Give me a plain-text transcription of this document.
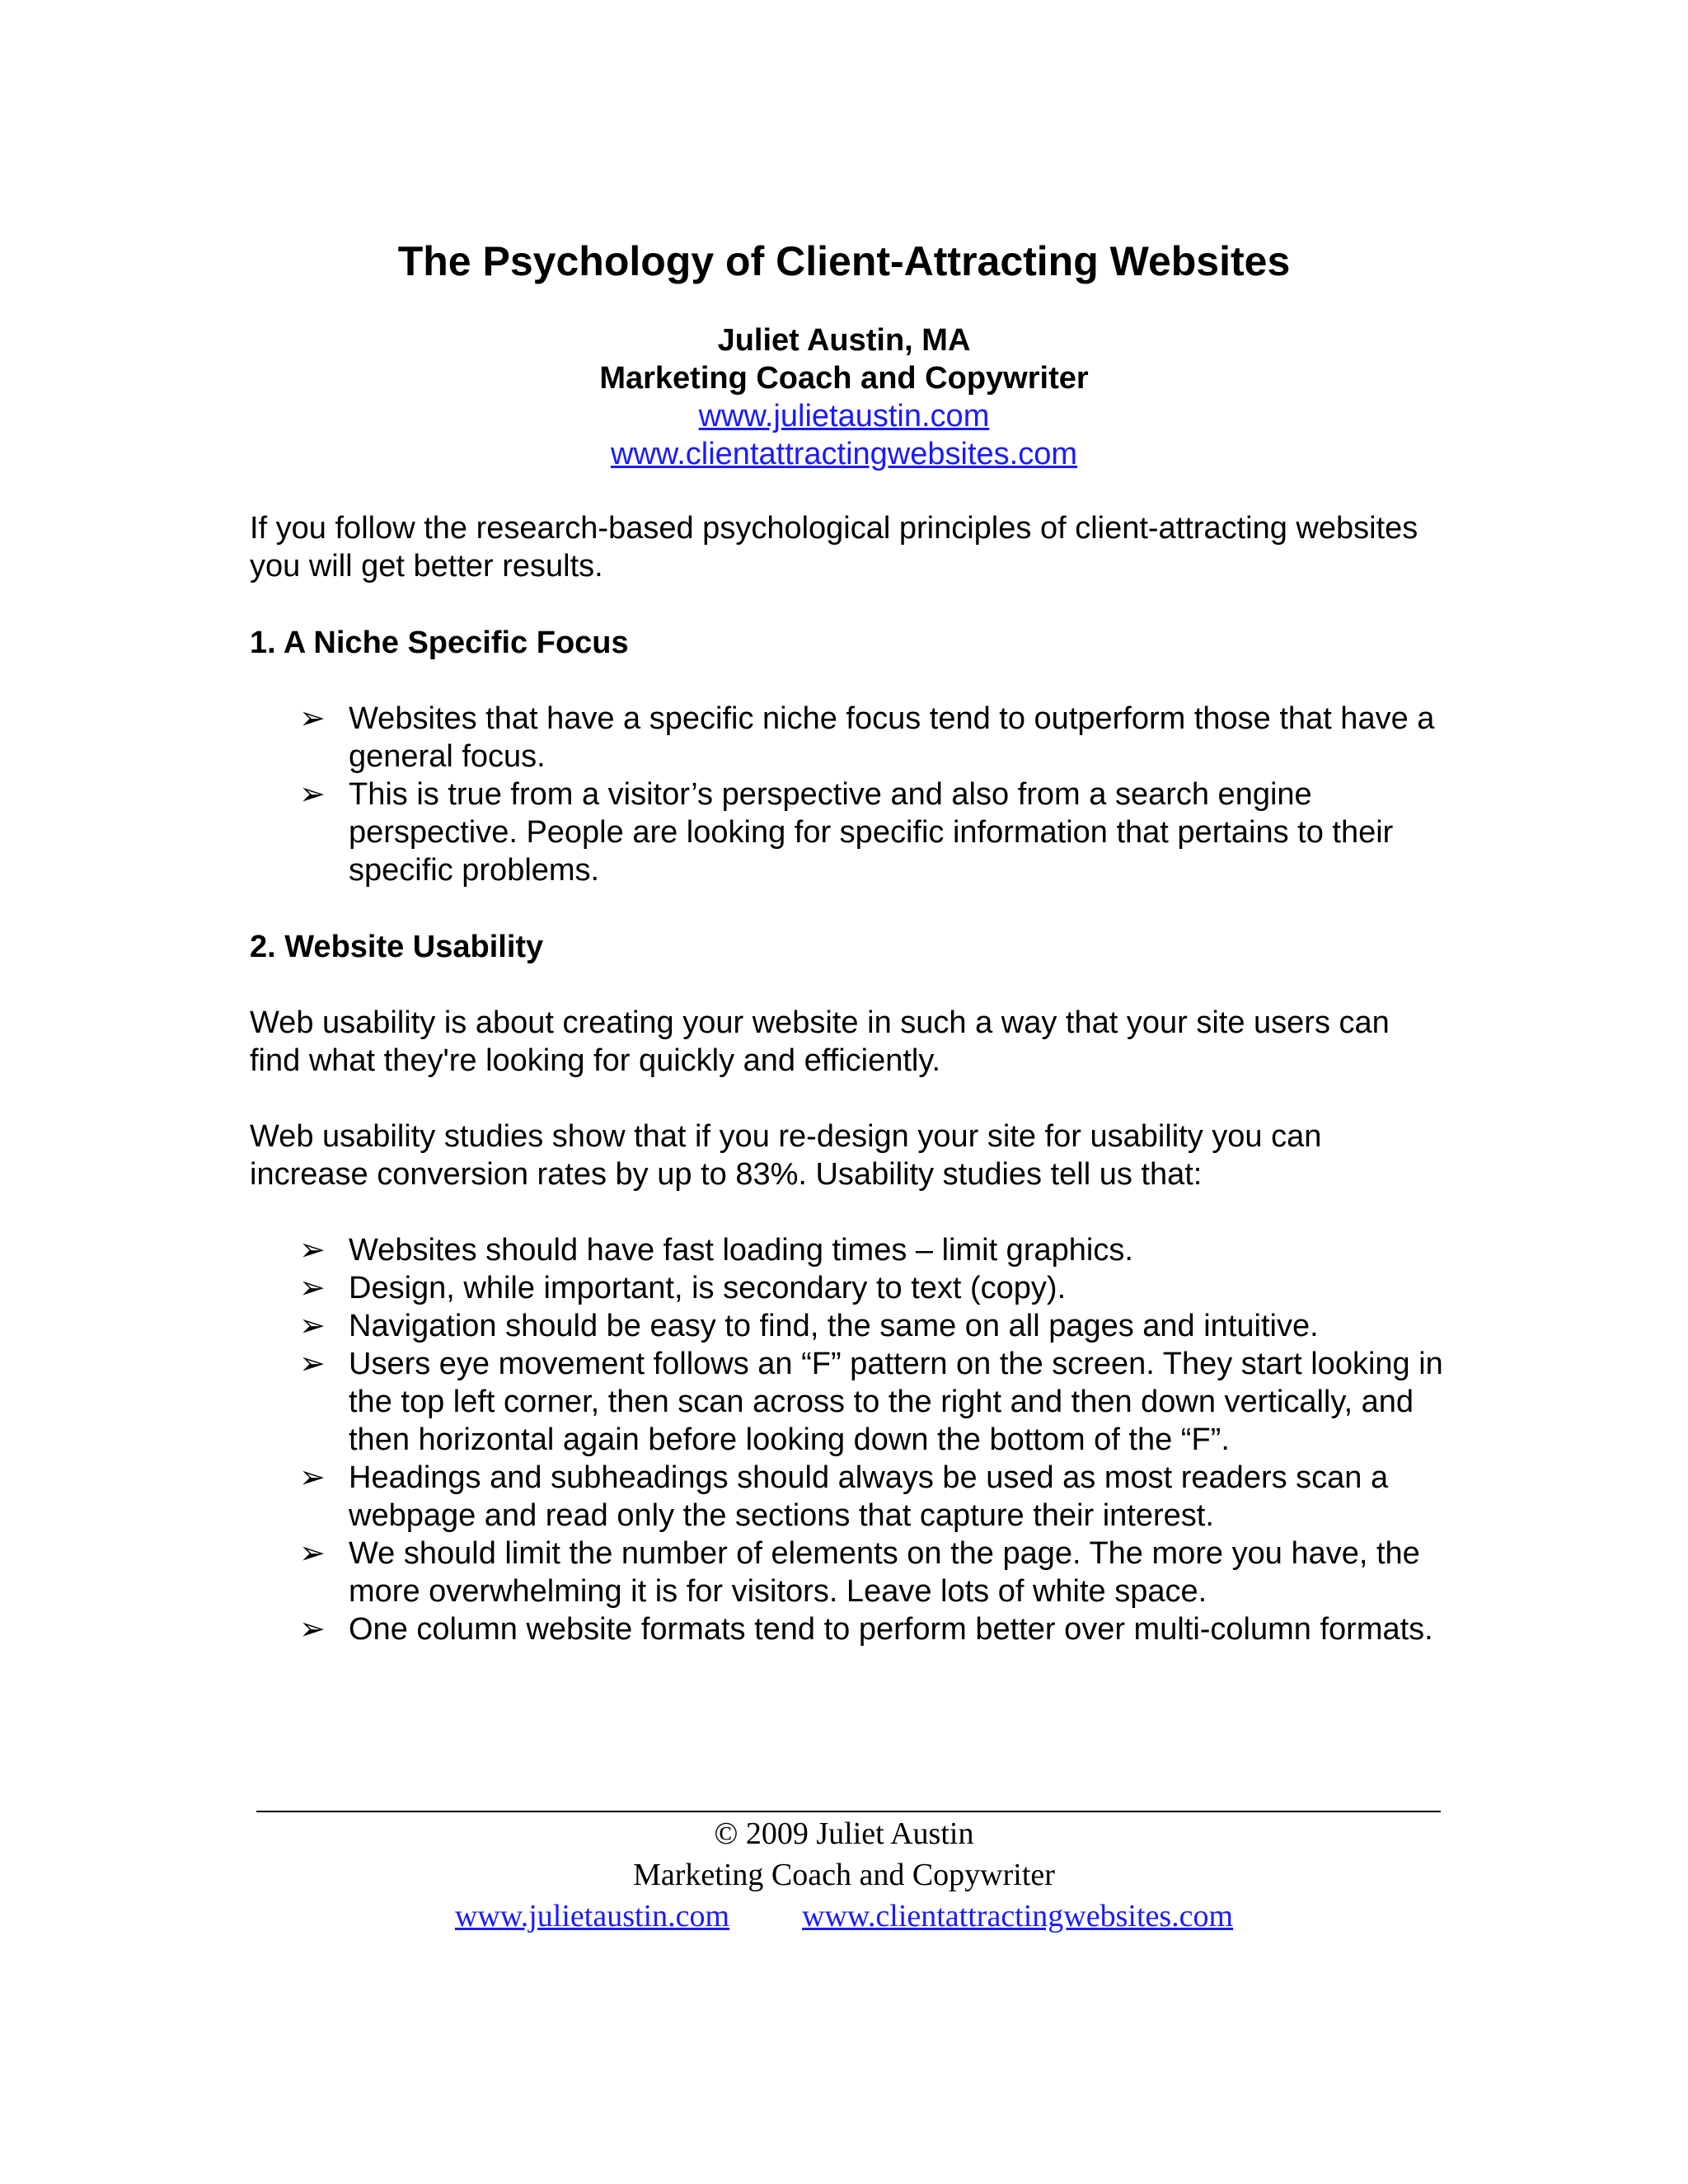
The Psychology of Client-Attracting Websites
Juliet Austin, MA
Marketing Coach and Copywriter
www.julietaustin.com
www.clientattractingwebsites.com

If you follow the research-based psychological principles of client-attracting websites you will get better results.

1. A Niche Specific Focus

➢ Websites that have a specific niche focus tend to outperform those that have a general focus.
➢ This is true from a visitor’s perspective and also from a search engine perspective. People are looking for specific information that pertains to their specific problems.

2. Website Usability

Web usability is about creating your website in such a way that your site users can find what they're looking for quickly and efficiently.

Web usability studies show that if you re-design your site for usability you can increase conversion rates by up to 83%. Usability studies tell us that:

➢ Websites should have fast loading times – limit graphics.
➢ Design, while important, is secondary to text (copy).
➢ Navigation should be easy to find, the same on all pages and intuitive.
➢ Users eye movement follows an “F” pattern on the screen. They start looking in the top left corner, then scan across to the right and then down vertically, and then horizontal again before looking down the bottom of the “F”.
➢ Headings and subheadings should always be used as most readers scan a webpage and read only the sections that capture their interest.
➢ We should limit the number of elements on the page. The more you have, the more overwhelming it is for visitors. Leave lots of white space.
➢ One column website formats tend to perform better over multi-column formats.
© 2009 Juliet Austin
Marketing Coach and Copywriter
www.julietaustin.com www.clientattractingwebsites.com
